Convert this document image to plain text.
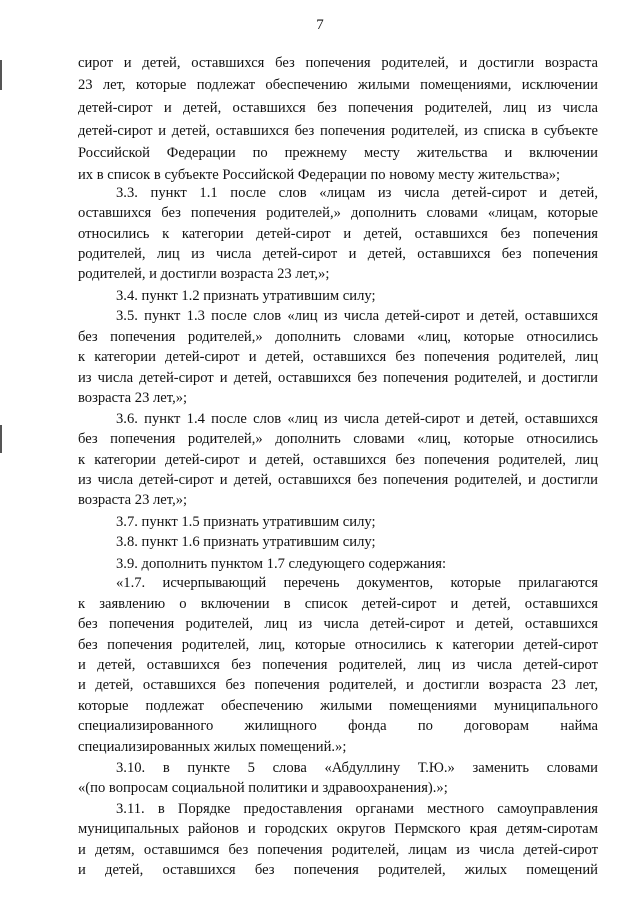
7
сирот и детей, оставшихся без попечения родителей, и достигли возраста
23 лет, которые подлежат обеспечению жилыми помещениями, исключении
детей-сирот и детей, оставшихся без попечения родителей, лиц из числа
детей-сирот и детей, оставшихся без попечения родителей, из списка в субъекте
Российской Федерации по прежнему месту жительства и включении
их в список в субъекте Российской Федерации по новому месту жительства»;
3.3. пункт 1.1 после слов «лицам из числа детей-сирот и детей,
оставшихся без попечения родителей,» дополнить словами «лицам, которые
относились к категории детей-сирот и детей, оставшихся без попечения
родителей, лиц из числа детей-сирот и детей, оставшихся без попечения
родителей, и достигли возраста 23 лет,»;
3.4. пункт 1.2 признать утратившим силу;
3.5. пункт 1.3 после слов «лиц из числа детей-сирот и детей, оставшихся
без попечения родителей,» дополнить словами «лиц, которые относились
к категории детей-сирот и детей, оставшихся без попечения родителей, лиц
из числа детей-сирот и детей, оставшихся без попечения родителей, и достигли
возраста 23 лет,»;
3.6. пункт 1.4 после слов «лиц из числа детей-сирот и детей, оставшихся
без попечения родителей,» дополнить словами «лиц, которые относились
к категории детей-сирот и детей, оставшихся без попечения родителей, лиц
из числа детей-сирот и детей, оставшихся без попечения родителей, и достигли
возраста 23 лет,»;
3.7. пункт 1.5 признать утратившим силу;
3.8. пункт 1.6 признать утратившим силу;
3.9. дополнить пунктом 1.7 следующего содержания:
«1.7. исчерпывающий перечень документов, которые прилагаются
к заявлению о включении в список детей-сирот и детей, оставшихся
без попечения родителей, лиц из числа детей-сирот и детей, оставшихся
без попечения родителей, лиц, которые относились к категории детей-сирот
и детей, оставшихся без попечения родителей, лиц из числа детей-сирот
и детей, оставшихся без попечения родителей, и достигли возраста 23 лет,
которые подлежат обеспечению жилыми помещениями муниципального
специализированного жилищного фонда по договорам найма
специализированных жилых помещений.»;
3.10. в пункте 5 слова «Абдуллину Т.Ю.» заменить словами
«(по вопросам социальной политики и здравоохранения).»;
3.11. в Порядке предоставления органами местного самоуправления
муниципальных районов и городских округов Пермского края детям-сиротам
и детям, оставшимся без попечения родителей, лицам из числа детей-сирот
и детей, оставшихся без попечения родителей, жилых помещений
